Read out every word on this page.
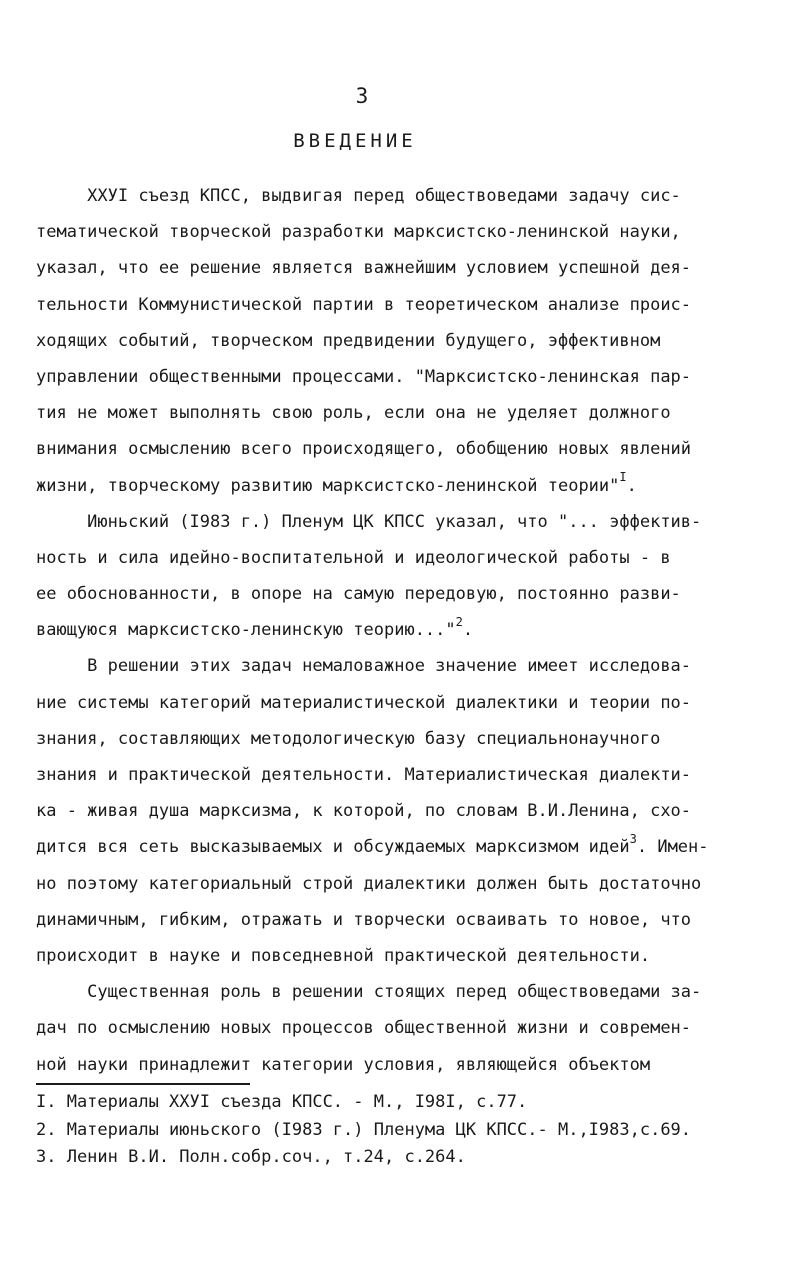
3
ВВЕДЕНИЕ
XXУI съезд КПСС, выдвигая перед обществоведами задачу сис-
тематической творческой разработки марксистско-ленинской науки,
указал, что ее решение является важнейшим условием успешной дея-
тельности Коммунистической партии в теоретическом анализе проис-
ходящих событий, творческом предвидении будущего, эффективном
управлении общественными процессами. "Марксистско-ленинская пар-
тия не может выполнять свою роль, если она не уделяет должного
внимания осмыслению всего происходящего, обобщению новых явлений
жизни, творческому развитию марксистско-ленинской теории"$^I$.
Июньский (I983 г.) Пленум ЦК КПСС указал, что "... эффектив-
ность и сила идейно-воспитательной и идеологической работы - в
ее обоснованности, в опоре на самую передовую, постоянно разви-
вающуюся марксистско-ленинскую теорию..."$^2$.
В решении этих задач немаловажное значение имеет исследова-
ние системы категорий материалистической диалектики и теории по-
знания, составляющих методологическую базу специальнонаучного
знания и практической деятельности. Материалистическая диалекти-
ка - живая душа марксизма, к которой, по словам В.И.Ленина, схо-
дится вся сеть высказываемых и обсуждаемых марксизмом идей$^3$. Имен-
но поэтому категориальный строй диалектики должен быть достаточно
динамичным, гибким, отражать и творчески осваивать то новое, что
происходит в науке и повседневной практической деятельности.
Существенная роль в решении стоящих перед обществоведами за-
дач по осмыслению новых процессов общественной жизни и современ-
ной науки принадлежит категории условия, являющейся объектом
I. Материалы XXУI съезда КПСС. - М., I98I, с.77.
2. Материалы июньского (I983 г.) Пленума ЦК КПСС.- М.,I983,с.69.
3. Ленин В.И. Полн.собр.соч., т.24, с.264.
